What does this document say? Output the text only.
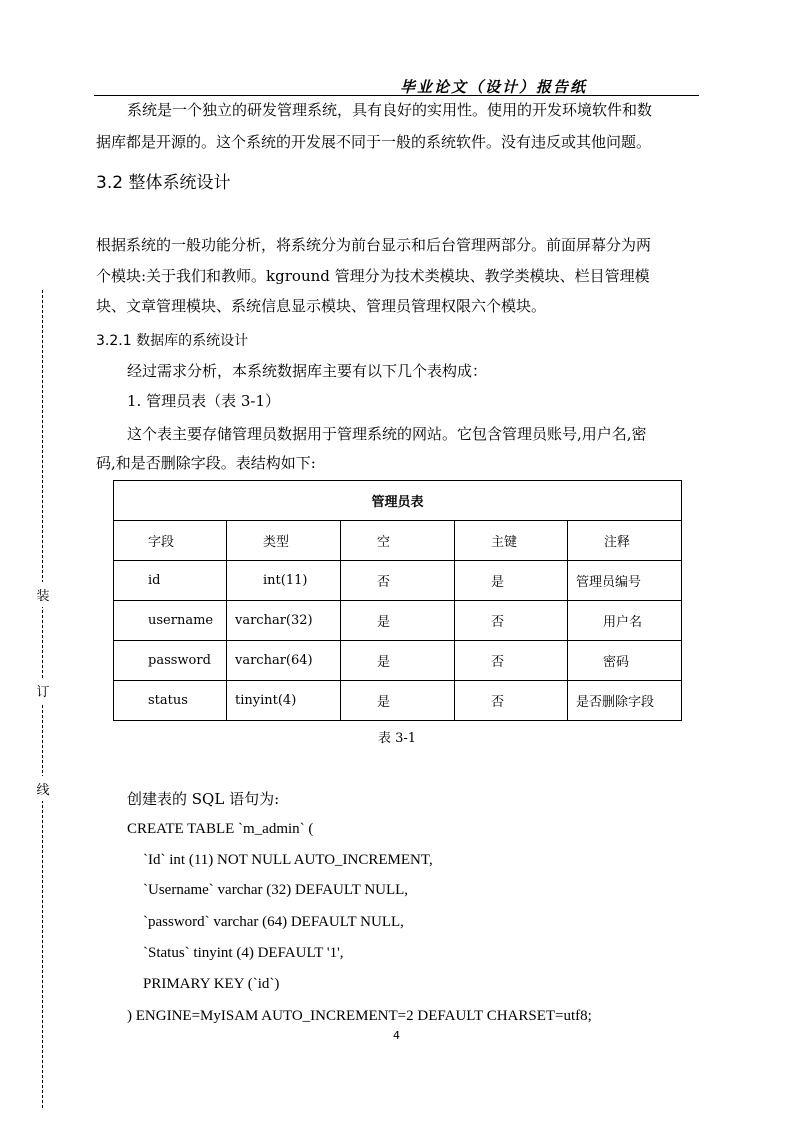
毕业论文（设计）报告纸
装
订
线
系统是一个独立的研发管理系统，具有良好的实用性。使用的开发环境软件和数
据库都是开源的。这个系统的开发展不同于一般的系统软件。没有违反或其他问题。
3.2 整体系统设计
根据系统的一般功能分析，将系统分为前台显示和后台管理两部分。前面屏幕分为两
个模块:关于我们和教师。kground 管理分为技术类模块、教学类模块、栏目管理模
块、文章管理模块、系统信息显示模块、管理员管理权限六个模块。
3.2.1 数据库的系统设计
经过需求分析，本系统数据库主要有以下几个表构成：
1. 管理员表（表 3-1）
这个表主要存储管理员数据用于管理系统的网站。它包含管理员账号,用户名,密
码,和是否删除字段。表结构如下:
管理员表				
字段	类型	空	主键	注释
id	int(11)	否	是	管理员编号
username	varchar(32)	是	否	用户名
password	varchar(64)	是	否	密码
status	tinyint(4)	是	否	是否删除字段
表 3-1
创建表的 SQL 语句为:
CREATE TABLE `m_admin` (
`Id` int (11) NOT NULL AUTO_INCREMENT,
`Username` varchar (32) DEFAULT NULL,
`password` varchar (64) DEFAULT NULL,
`Status` tinyint (4) DEFAULT '1',
PRIMARY KEY (`id`)
) ENGINE=MyISAM AUTO_INCREMENT=2 DEFAULT CHARSET=utf8;
4
